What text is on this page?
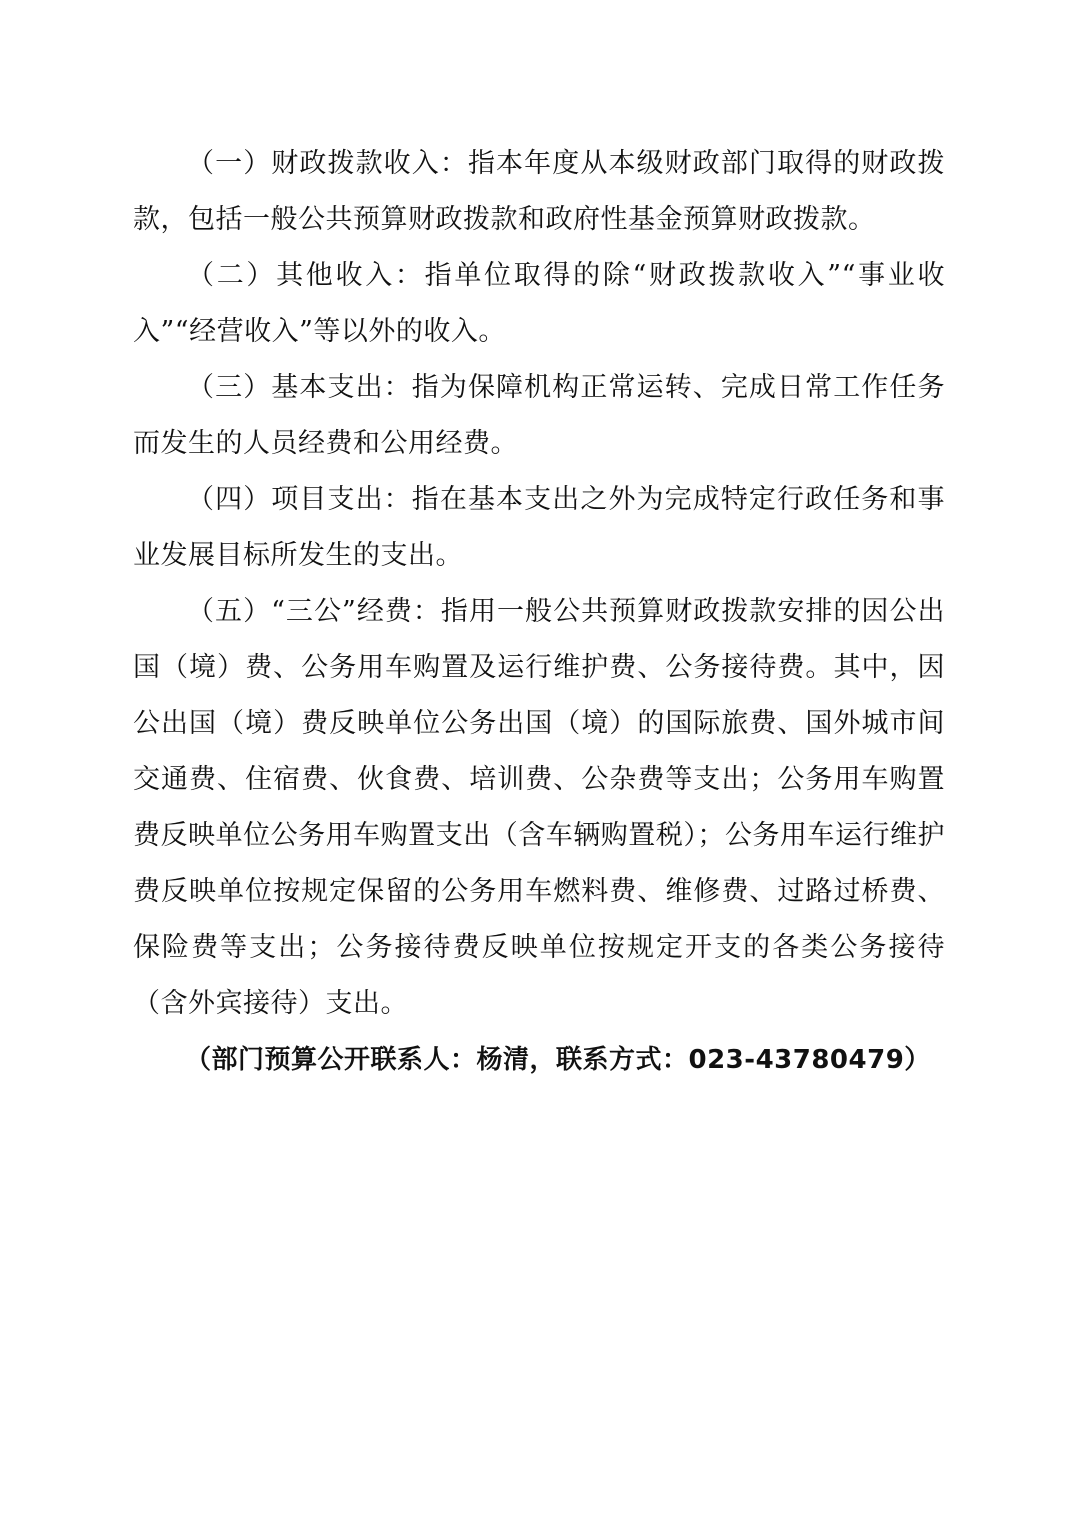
（一）财政拨款收入：指本年度从本级财政部门取得的财政拨款，包括一般公共预算财政拨款和政府性基金预算财政拨款。

（二）其他收入：指单位取得的除“财政拨款收入”“事业收入”“经营收入”等以外的收入。

（三）基本支出：指为保障机构正常运转、完成日常工作任务而发生的人员经费和公用经费。

（四）项目支出：指在基本支出之外为完成特定行政任务和事业发展目标所发生的支出。

（五）“三公”经费：指用一般公共预算财政拨款安排的因公出国（境）费、公务用车购置及运行维护费、公务接待费。其中，因公出国（境）费反映单位公务出国（境）的国际旅费、国外城市间交通费、住宿费、伙食费、培训费、公杂费等支出；公务用车购置费反映单位公务用车购置支出（含车辆购置税）；公务用车运行维护费反映单位按规定保留的公务用车燃料费、维修费、过路过桥费、保险费等支出；公务接待费反映单位按规定开支的各类公务接待（含外宾接待）支出。

（部门预算公开联系人：杨清，联系方式：023-43780479）
